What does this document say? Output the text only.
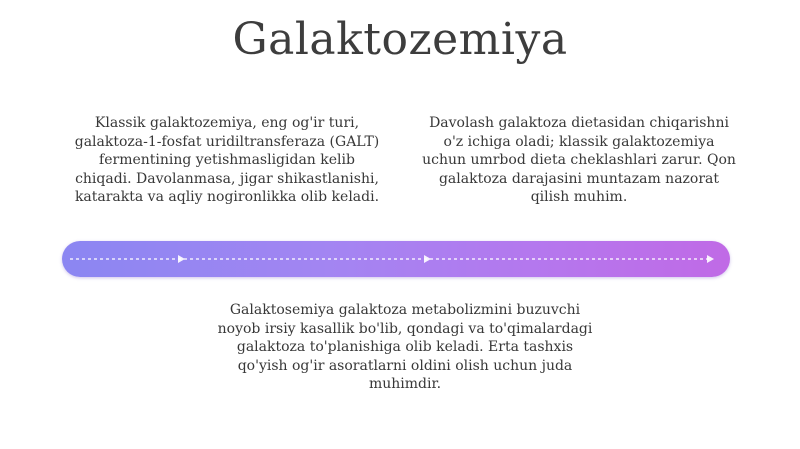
Galaktozemiya
Klassik galaktozemiya, eng og'ir turi, galaktoza-1-fosfat uridiltransferaza (GALT) fermentining yetishmasligidan kelib chiqadi. Davolanmasa, jigar shikastlanishi, katarakta va aqliy nogironlikka olib keladi.
Davolash galaktoza dietasidan chiqarishni o'z ichiga oladi; klassik galaktozemiya uchun umrbod dieta cheklashlari zarur. Qon galaktoza darajasini muntazam nazorat qilish muhim.
Galaktosemiya galaktoza metabolizmini buzuvchi noyob irsiy kasallik bo'lib, qondagi va to'qimalardagi galaktoza to'planishiga olib keladi. Erta tashxis qo'yish og'ir asoratlarni oldini olish uchun juda muhimdir.
